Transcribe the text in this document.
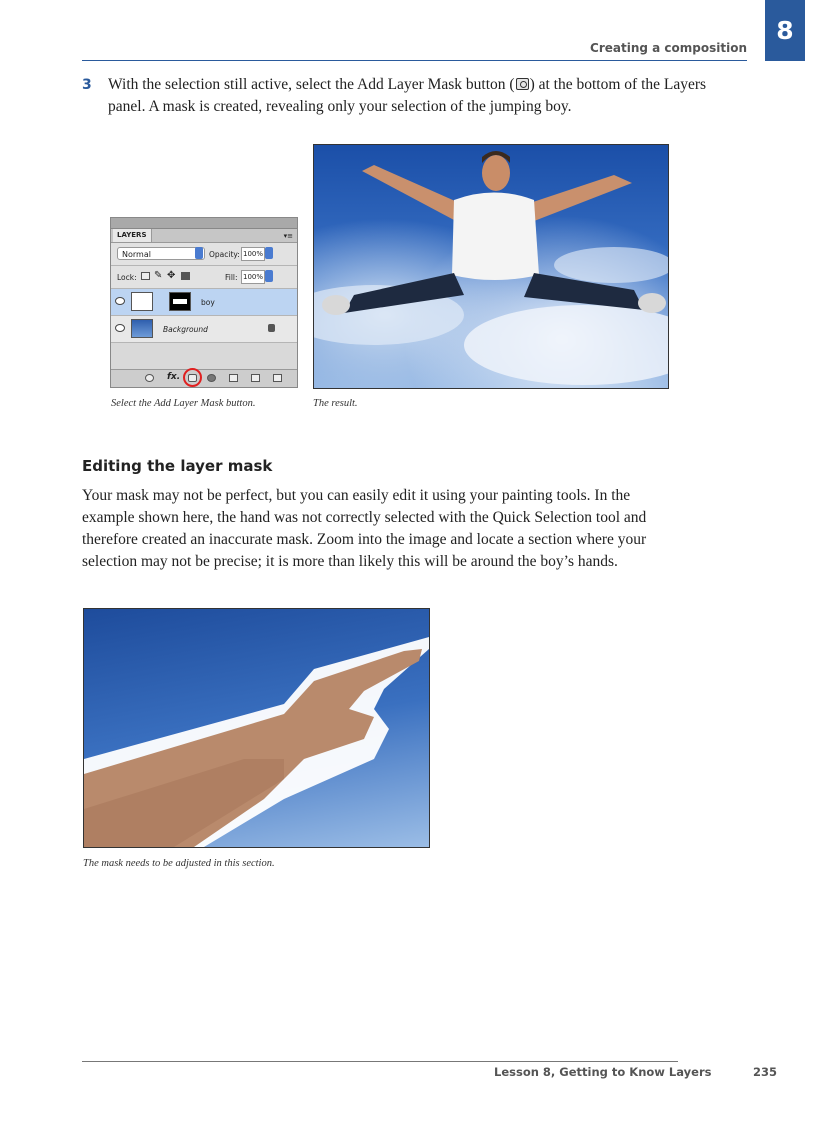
8
Creating a composition
3 With the selection still active, select the Add Layer Mask button ( ) at the bottom of the Layers panel. A mask is created, revealing only your selection of the jumping boy.
LAYERS	▾≡
Normal	Opacity: 100%
Lock: ✎ ✥	Fill: 100%
boy
Background
fx.
Select the Add Layer Mask button.	The result.
Editing the layer mask
Your mask may not be perfect, but you can easily edit it using your painting tools. In the example shown here, the hand was not correctly selected with the Quick Selection tool and therefore created an inaccurate mask. Zoom into the image and locate a section where your selection may not be precise; it is more than likely this will be around the boy’s hands.
The mask needs to be adjusted in this section.
Lesson 8, Getting to Know Layers	235
